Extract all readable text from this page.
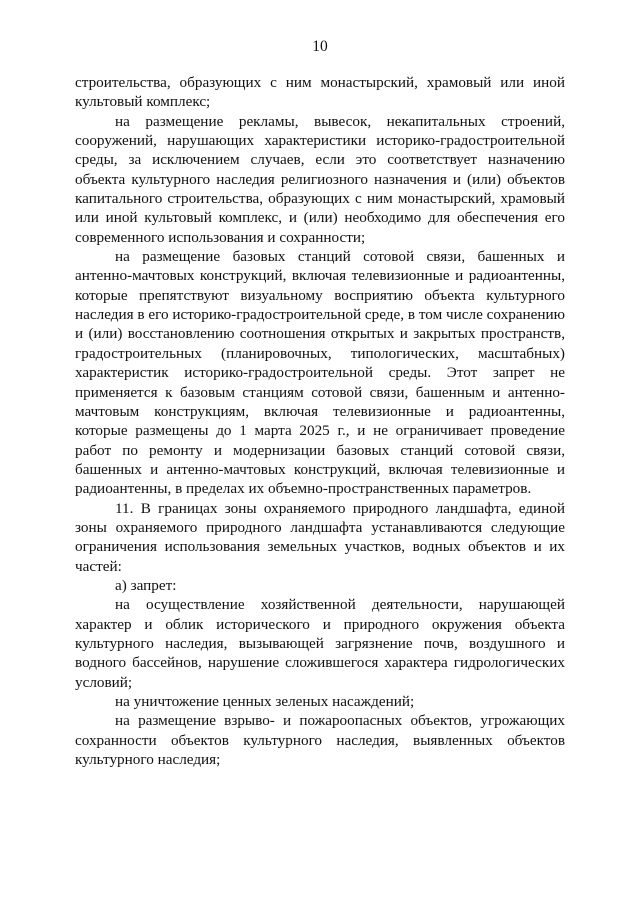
10

строительства, образующих с ним монастырский, храмовый или иной культовый комплекс;

на размещение рекламы, вывесок, некапитальных строений, сооружений, нарушающих характеристики историко-градостроительной среды, за исключением случаев, если это соответствует назначению объекта культурного наследия религиозного назначения и (или) объектов капитального строительства, образующих с ним монастырский, храмовый или иной культовый комплекс, и (или) необходимо для обеспечения его современного использования и сохранности;

на размещение базовых станций сотовой связи, башенных и антенно-мачтовых конструкций, включая телевизионные и радиоантенны, которые препятствуют визуальному восприятию объекта культурного наследия в его историко-градостроительной среде, в том числе сохранению и (или) восстановлению соотношения открытых и закрытых пространств, градостроительных (планировочных, типологических, масштабных) характеристик историко-градостроительной среды. Этот запрет не применяется к базовым станциям сотовой связи, башенным и антенно-мачтовым конструкциям, включая телевизионные и радиоантенны, которые размещены до 1 марта 2025 г., и не ограничивает проведение работ по ремонту и модернизации базовых станций сотовой связи, башенных и антенно-мачтовых конструкций, включая телевизионные и радиоантенны, в пределах их объемно-пространственных параметров.

11. В границах зоны охраняемого природного ландшафта, единой зоны охраняемого природного ландшафта устанавливаются следующие ограничения использования земельных участков, водных объектов и их частей:

а) запрет:

на осуществление хозяйственной деятельности, нарушающей характер и облик исторического и природного окружения объекта культурного наследия, вызывающей загрязнение почв, воздушного и водного бассейнов, нарушение сложившегося характера гидрологических условий;

на уничтожение ценных зеленых насаждений;

на размещение взрыво- и пожароопасных объектов, угрожающих сохранности объектов культурного наследия, выявленных объектов культурного наследия;
